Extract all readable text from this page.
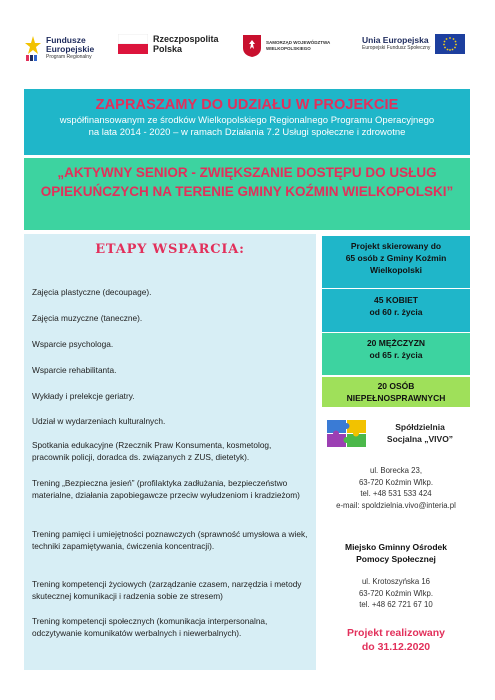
Fundusze
Europejskie
Program Regionalny
Rzeczpospolita
Polska
SAMORZĄD WOJEWÓDZTWA
WIELKOPOLSKIEGO
Unia Europejska
Europejski Fundusz Społeczny
ZAPRASZAMY DO UDZIAŁU W PROJEKCIE
współfinansowanym ze środków Wielkopolskiego Regionalnego Programu Operacyjnego
na lata 2014 - 2020 – w ramach Działania 7.2 Usługi społeczne i zdrowotne
„AKTYWNY SENIOR - ZWIĘKSZANIE DOSTĘPU DO USŁUG OPIEKUŃCZYCH NA TERENIE GMINY KOŹMIN WIELKOPOLSKI”
ETAPY WSPARCIA:
Zajęcia plastyczne (decoupage).
Zajęcia muzyczne (taneczne).
Wsparcie psychologa.
Wsparcie rehabilitanta.
Wykłady i prelekcje geriatry.
Udział w wydarzeniach kulturalnych.
Spotkania edukacyjne (Rzecznik Praw Konsumenta, kosmetolog, pracownik policji, doradca ds. związanych z ZUS, dietetyk).
Trening „Bezpieczna jesień” (profilaktyka zadłużania, bezpieczeństwo materialne, działania zapobiegawcze przeciw wyłudzeniom i kradzieżom)
Trening pamięci i umiejętności poznawczych (sprawność umysłowa a wiek, techniki zapamiętywania, ćwiczenia koncentracji).
Trening kompetencji życiowych (zarządzanie czasem, narzędzia i metody skutecznej komunikacji i radzenia sobie ze stresem)
Trening kompetencji społecznych (komunikacja interpersonalna, odczytywanie komunikatów werbalnych i niewerbalnych).
Projekt skierowany do
65 osób z Gminy Koźmin
Wielkopolski
45 KOBIET
od 60 r. życia
20 MĘŻCZYZN
od 65 r. życia
20 OSÓB
NIEPEŁNOSPRAWNYCH
Spółdzielnia
Socjalna „VIVO”
ul. Borecka 23,
63-720 Koźmin Wlkp.
tel. +48 531 533 424
e-mail: spoldzielnia.vivo@interia.pl
Miejsko Gminny Ośrodek
Pomocy Społecznej
ul. Krotoszyńska 16
63-720 Koźmin Wlkp.
tel. +48 62 721 67 10
Projekt realizowany
do 31.12.2020
